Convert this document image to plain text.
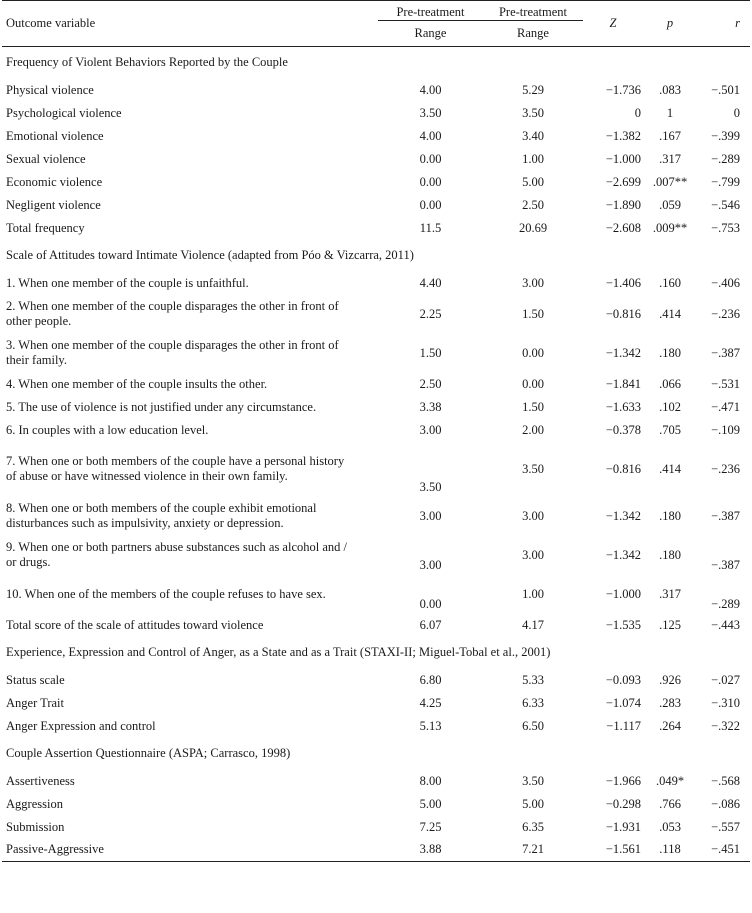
Outcome variable	Pre-treatment	Pre-treatment	Z	p	r
	Range	Range			
Frequency of Violent Behaviors Reported by the Couple					
Physical violence	4.00	5.29	−1.736	.083	−.501
Psychological violence	3.50	3.50	0	1	0
Emotional violence	4.00	3.40	−1.382	.167	−.399
Sexual violence	0.00	1.00	−1.000	.317	−.289
Economic violence	0.00	5.00	−2.699	.007**	−.799
Negligent violence	0.00	2.50	−1.890	.059	−.546
Total frequency	11.5	20.69	−2.608	.009**	−.753
Scale of Attitudes toward Intimate Violence (adapted from Póo & Vizcarra, 2011)					
1. When one member of the couple is unfaithful.	4.40	3.00	−1.406	.160	−.406
2. When one member of the couple disparages the other in front of other people.	2.25	1.50	−0.816	.414	−.236
3. When one member of the couple disparages the other in front of their family.	1.50	0.00	−1.342	.180	−.387
4. When one member of the couple insults the other.	2.50	0.00	−1.841	.066	−.531
5. The use of violence is not justified under any circumstance.	3.38	1.50	−1.633	.102	−.471
6. In couples with a low education level.	3.00	2.00	−0.378	.705	−.109
7. When one or both members of the couple have a personal history of abuse or have witnessed violence in their own family.	3.50	3.50	−0.816	.414	−.236
8. When one or both members of the couple exhibit emotional disturbances such as impulsivity, anxiety or depression.	3.00	3.00	−1.342	.180	−.387
9. When one or both partners abuse substances such as alcohol and / or drugs.	3.00	3.00	−1.342	.180	−.387
10. When one of the members of the couple refuses to have sex.	0.00	1.00	−1.000	.317	−.289
Total score of the scale of attitudes toward violence	6.07	4.17	−1.535	.125	−.443
Experience, Expression and Control of Anger, as a State and as a Trait (STAXI-II; Miguel-Tobal et al., 2001)					
Status scale	6.80	5.33	−0.093	.926	−.027
Anger Trait	4.25	6.33	−1.074	.283	−.310
Anger Expression and control	5.13	6.50	−1.117	.264	−.322
Couple Assertion Questionnaire (ASPA; Carrasco, 1998)					
Assertiveness	8.00	3.50	−1.966	.049*	−.568
Aggression	5.00	5.00	−0.298	.766	−.086
Submission	7.25	6.35	−1.931	.053	−.557
Passive-Aggressive	3.88	7.21	−1.561	.118	−.451
